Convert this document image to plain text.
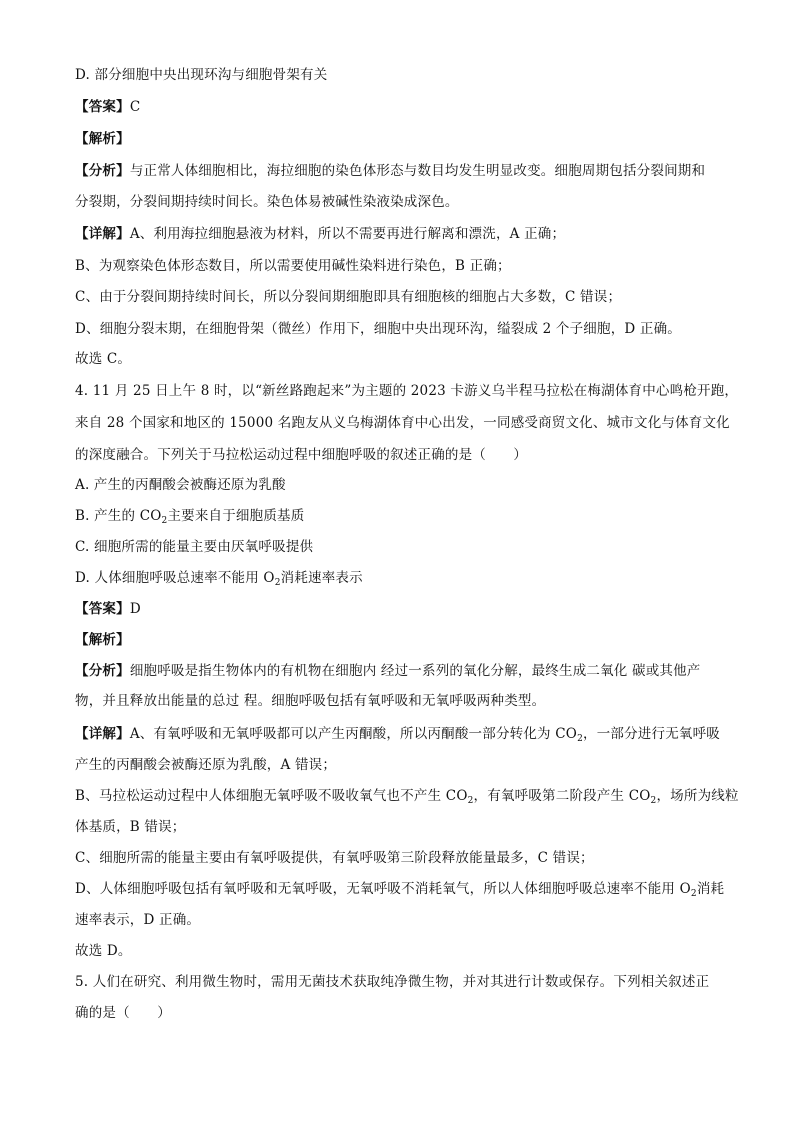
D. 部分细胞中央出现环沟与细胞骨架有关
【答案】C
【解析】
【分析】与正常人体细胞相比，海拉细胞的染色体形态与数目均发生明显改变。细胞周期包括分裂间期和
分裂期，分裂间期持续时间长。染色体易被碱性染液染成深色。
【详解】A、利用海拉细胞悬液为材料，所以不需要再进行解离和漂洗，A 正确；
B、为观察染色体形态数目，所以需要使用碱性染料进行染色，B 正确；
C、由于分裂间期持续时间长，所以分裂间期细胞即具有细胞核的细胞占大多数，C 错误；
D、细胞分裂末期，在细胞骨架（微丝）作用下，细胞中央出现环沟，缢裂成 2 个子细胞，D 正确。
故选 C。
4. 11 月 25 日上午 8 时，以“新丝路跑起来”为主题的 2023 卡游义乌半程马拉松在梅湖体育中心鸣枪开跑，
来自 28 个国家和地区的 15000 名跑友从义乌梅湖体育中心出发，一同感受商贸文化、城市文化与体育文化
的深度融合。下列关于马拉松运动过程中细胞呼吸的叙述正确的是（　　）
A. 产生的丙酮酸会被酶还原为乳酸
B. 产生的 $CO_2$主要来自于细胞质基质
C. 细胞所需的能量主要由厌氧呼吸提供
D. 人体细胞呼吸总速率不能用 $O_2$消耗速率表示
【答案】D
【解析】
【分析】细胞呼吸是指生物体内的有机物在细胞内 经过一系列的氧化分解，最终生成二氧化 碳或其他产
物，并且释放出能量的总过 程。细胞呼吸包括有氧呼吸和无氧呼吸两种类型。
【详解】A、有氧呼吸和无氧呼吸都可以产生丙酮酸，所以丙酮酸一部分转化为 $CO_2$，一部分进行无氧呼吸
产生的丙酮酸会被酶还原为乳酸，A 错误；
B、马拉松运动过程中人体细胞无氧呼吸不吸收氧气也不产生 $CO_2$，有氧呼吸第二阶段产生 $CO_2$，场所为线粒
体基质，B 错误；
C、细胞所需的能量主要由有氧呼吸提供，有氧呼吸第三阶段释放能量最多，C 错误；
D、人体细胞呼吸包括有氧呼吸和无氧呼吸，无氧呼吸不消耗氧气，所以人体细胞呼吸总速率不能用 $O_2$消耗
速率表示，D 正确。
故选 D。
5. 人们在研究、利用微生物时，需用无菌技术获取纯净微生物，并对其进行计数或保存。下列相关叙述正
确的是（　　）
